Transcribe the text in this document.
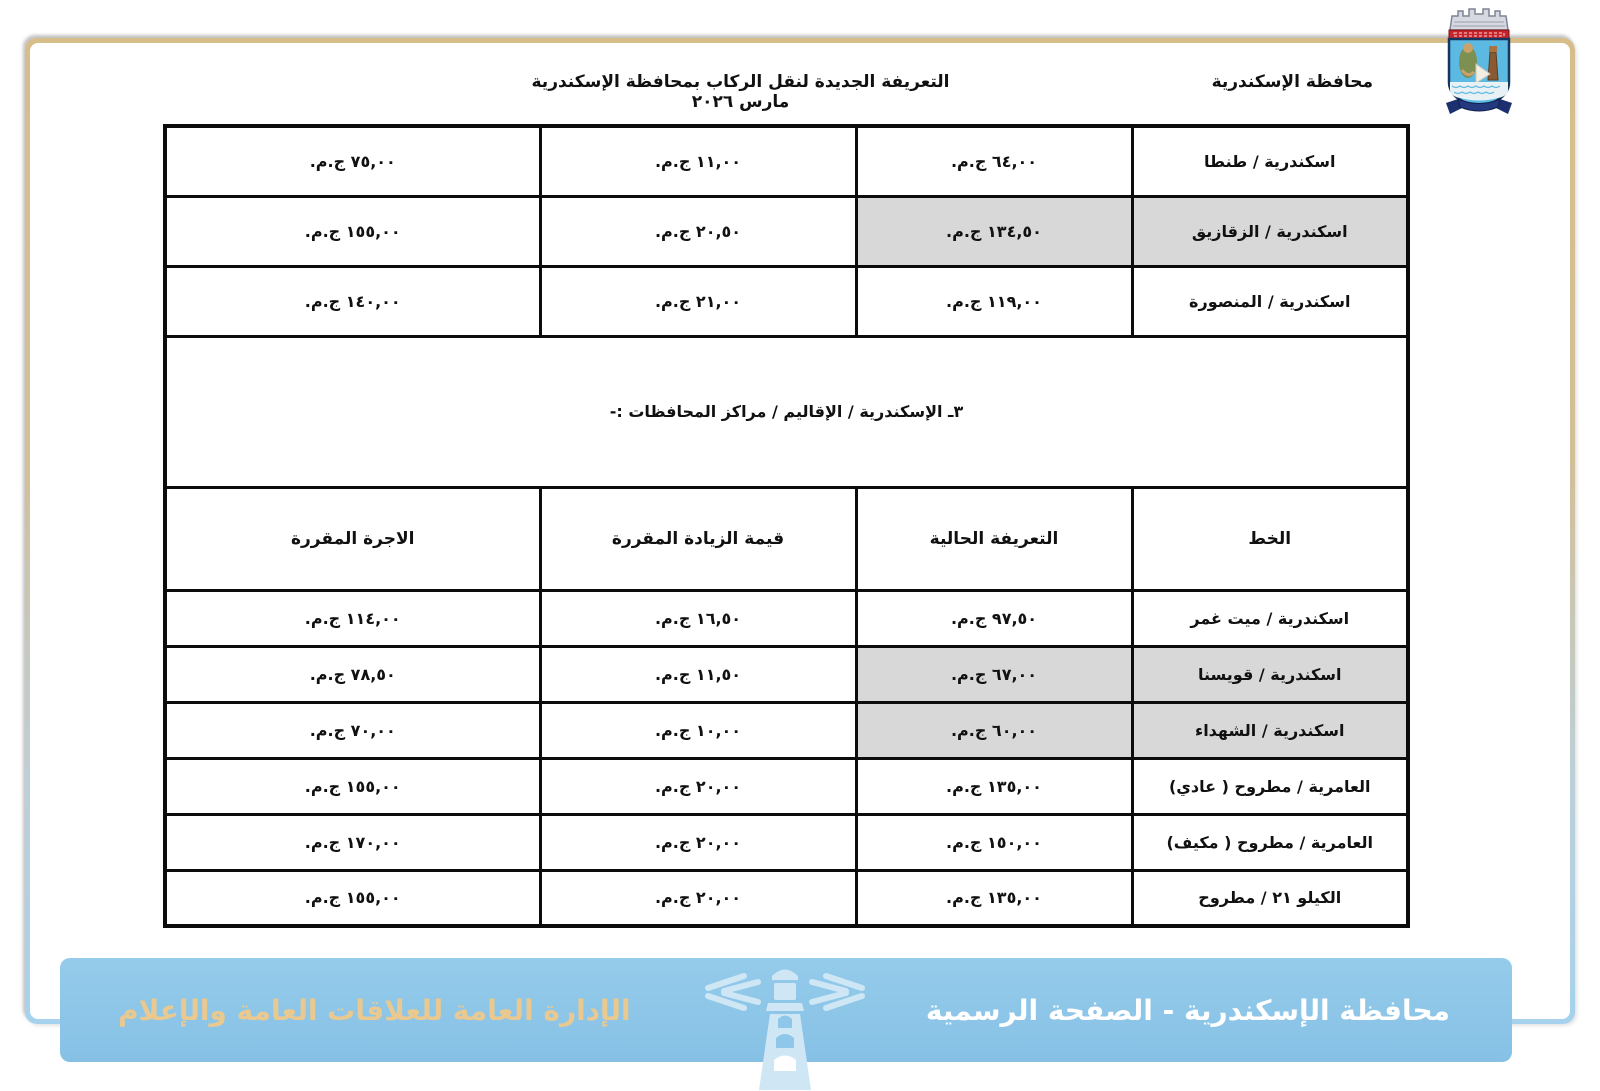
محافظة الإسكندرية
التعريفة الجديدة لنقل الركاب بمحافظة الإسكندرية مارس ٢٠٢٦
اسكندرية / طنطا	٦٤,٠٠ ج.م.	١١,٠٠ ج.م.	٧٥,٠٠ ج.م.
اسكندرية / الزقازيق	١٣٤,٥٠ ج.م.	٢٠,٥٠ ج.م.	١٥٥,٠٠ ج.م.
اسكندرية / المنصورة	١١٩,٠٠ ج.م.	٢١,٠٠ ج.م.	١٤٠,٠٠ ج.م.
٣ـ الإسكندرية / الإقاليم / مراكز المحافظات :-			
الخط	التعريفة الحالية	قيمة الزيادة المقررة	الاجرة المقررة
اسكندرية / ميت غمر	٩٧,٥٠ ج.م.	١٦,٥٠ ج.م.	١١٤,٠٠ ج.م.
اسكندرية / قويسنا	٦٧,٠٠ ج.م.	١١,٥٠ ج.م.	٧٨,٥٠ ج.م.
اسكندرية / الشهداء	٦٠,٠٠ ج.م.	١٠,٠٠ ج.م.	٧٠,٠٠ ج.م.
العامرية / مطروح ( عادي)	١٣٥,٠٠ ج.م.	٢٠,٠٠ ج.م.	١٥٥,٠٠ ج.م.
العامرية / مطروح ( مكيف)	١٥٠,٠٠ ج.م.	٢٠,٠٠ ج.م.	١٧٠,٠٠ ج.م.
الكيلو ٢١ / مطروح	١٣٥,٠٠ ج.م.	٢٠,٠٠ ج.م.	١٥٥,٠٠ ج.م.
محافظة الإسكندرية - الصفحة الرسمية
الإدارة العامة للعلاقات العامة والإعلام
